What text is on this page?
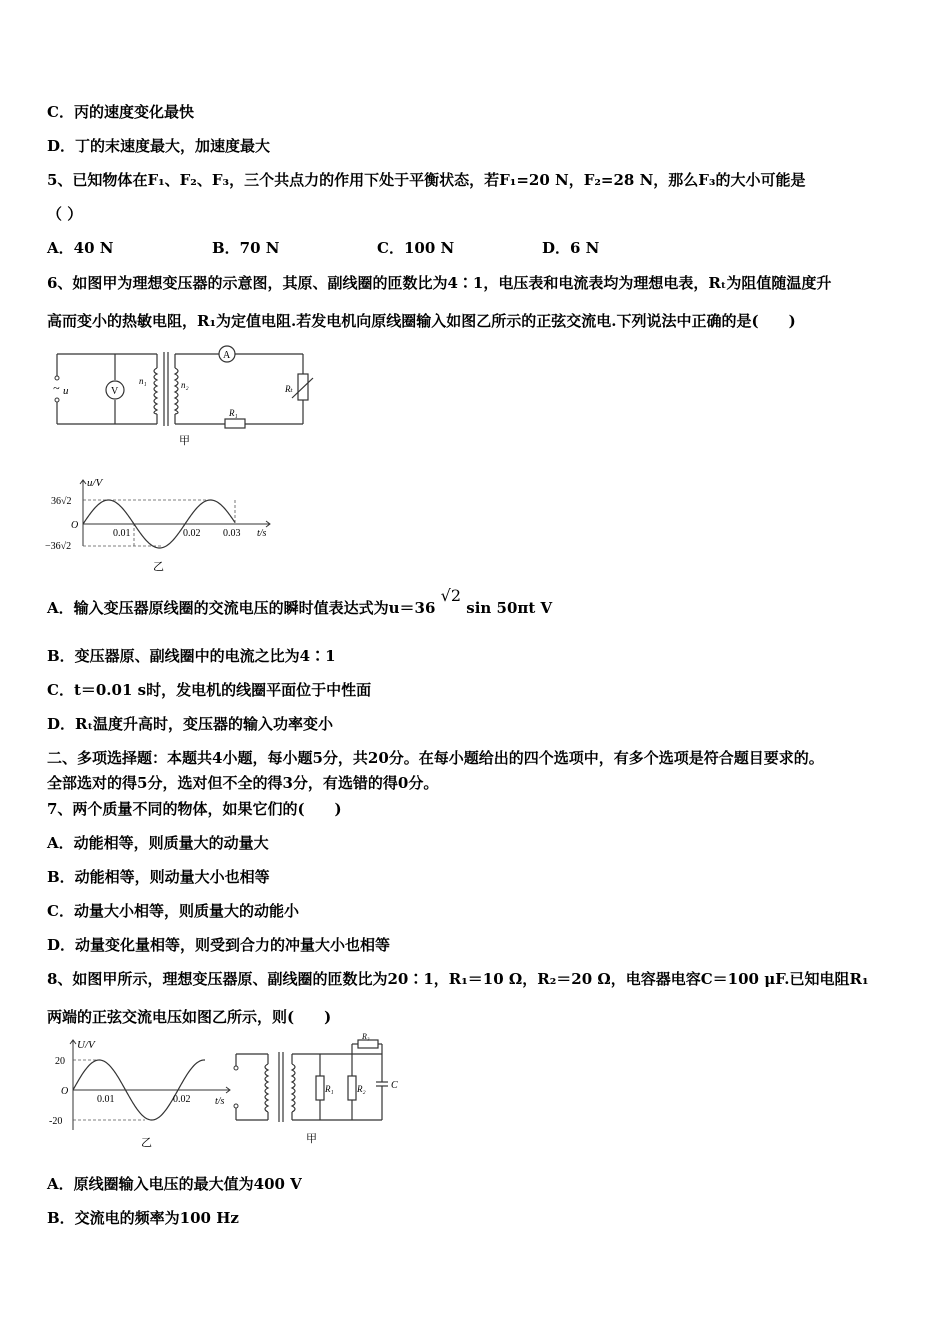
C．丙的速度变化最快
D．丁的末速度最大，加速度最大
5、已知物体在F₁、F₂、F₃，三个共点力的作用下处于平衡状态，若F₁=20 N，F₂=28 N，那么F₃的大小可能是
（ ）
A．40 N	B．70 N	C．100 N	D．6 N
6、如图甲为理想变压器的示意图，其原、副线圈的匝数比为4∶1，电压表和电流表均为理想电表，Rₜ为阻值随温度升
高而变小的热敏电阻，R₁为定值电阻.若发电机向原线圈输入如图乙所示的正弦交流电.下列说法中正确的是(　　)
~ u	V
A
n₁	n₂	Rₜ
R₁
甲
u/V
t/s
O
36√2
−36√2
0.01	0.02 0.03
乙
A．输入变压器原线圈的交流电压的瞬时值表达式为u＝36 √2 sin 50πt V
B．变压器原、副线圈中的电流之比为4∶1
C．t＝0.01 s时，发电机的线圈平面位于中性面
D．Rₜ温度升高时，变压器的输入功率变小
二、多项选择题：本题共4小题，每小题5分，共20分。在每小题给出的四个选项中，有多个选项是符合题目要求的。
全部选对的得5分，选对但不全的得3分，有选错的得0分。
7、两个质量不同的物体，如果它们的(　　)
A．动能相等，则质量大的动量大
B．动能相等，则动量大小也相等
C．动量大小相等，则质量大的动能小
D．动量变化量相等，则受到合力的冲量大小也相等
8、如图甲所示，理想变压器原、副线圈的匝数比为20∶1，R₁＝10 Ω，R₂＝20 Ω，电容器电容C＝100 μF.已知电阻R₁
两端的正弦交流电压如图乙所示，则(　　)
U/V
t/s
O
20
-20
0.01	0.02
乙
R₁	R₂
R₃
C
甲
A．原线圈输入电压的最大值为400 V
B．交流电的频率为100 Hz
